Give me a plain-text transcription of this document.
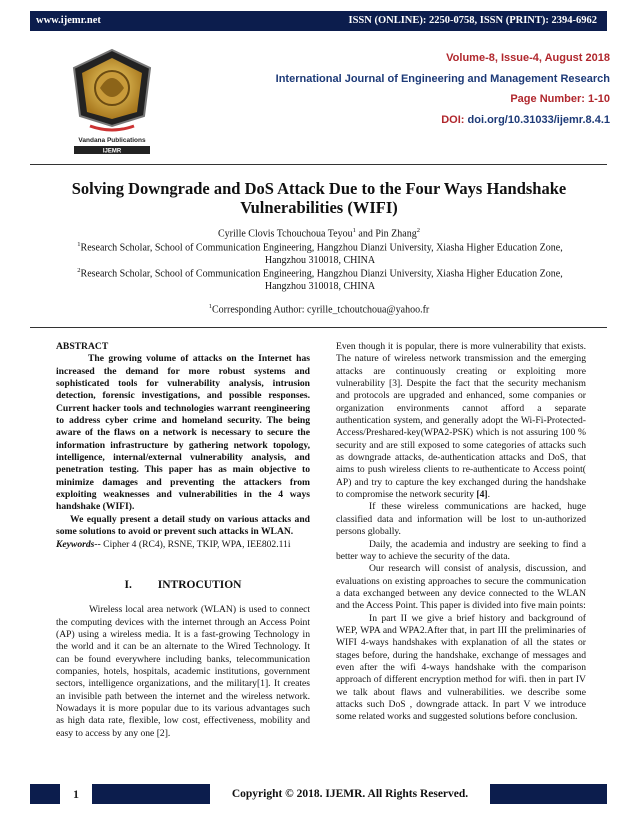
www.ijemr.net	ISSN (ONLINE): 2250-0758, ISSN (PRINT): 2394-6962
Vandana Publications
IJEMR
Volume-8, Issue-4, August 2018
International Journal of Engineering and Management Research
Page Number: 1-10
DOI: doi.org/10.31033/ijemr.8.4.1
Solving Downgrade and DoS Attack Due to the Four Ways Handshake
Vulnerabilities (WIFI)
Cyrille Clovis Tchouchoua Teyou$^1$ and Pin Zhang$^2$
$^1$Research Scholar, School of Communication Engineering, Hangzhou Dianzi University, Xiasha Higher Education Zone,
Hangzhou 310018, CHINA
$^2$Research Scholar, School of Communication Engineering, Hangzhou Dianzi University, Xiasha Higher Education Zone,
Hangzhou 310018, CHINA
$^1$Corresponding Author: cyrille_tchoutchoua@yahoo.fr
ABSTRACT

The growing volume of attacks on the Internet has increased the demand for more robust systems and sophisticated tools for vulnerability analysis, intrusion detection, forensic investigations, and possible responses. Current hacker tools and technologies warrant reengineering to address cyber crime and homeland security. The being aware of the flaws on a network is necessary to secure the information infrastructure by gathering network topology, intelligence, internal/external vulnerability analysis, and penetration testing. This paper has as main objective to minimize damages and preventing the attackers from exploiting weaknesses and vulnerabilities in the 4 ways handshake (WIFI).

We equally present a detail study on various attacks and some solutions to avoid or prevent such attacks in WLAN.

Keywords-- Cipher 4 (RC4), RSNE, TKIP, WPA, IEE802.11i

I.         INTROCUTION

Wireless local area network (WLAN) is used to connect the computing devices with the internet through an Access Point (AP) using a wireless media. It is a fast-growing Technology in the world and it can be an alternate to the Wired Technology. It can be found everywhere including banks, telecommunication companies, hotels, hospitals, academic institutions, government sectors, intelligence organizations, and the military[1]. It creates an invisible path between the internet and the wireless network. Nowadays it is more popular due to its various advantages such as high data rate, flexible, low cost, effectiveness, mobility and easy to access by any one [2].

Even though it is popular, there is more vulnerability that exists. The nature of wireless network transmission and the emerging attacks are continuously creating or exploiting more vulnerability [3]. Despite the fact that the security mechanism and protocols are upgraded and enhanced, some companies or organization environments cannot afford a separate authentication system, and generally adopt the Wi-Fi-Protected-Access/Preshared-key(WPA2-PSK) which is not assuring 100 % security and are still exposed to some categories of attacks such as downgrade attacks, de-authentication attacks and DoS, that aims to push wireless clients to re-authenticate to Access point( AP) and try to capture the key exchanged during the handshake to compromise the network security [4].

If these wireless communications are hacked, huge classified data and information will be lost to un-authorized persons globally.

Daily, the academia and industry are seeking to find a better way to achieve the security of the data.

Our research will consist of analysis, discussion, and evaluations on existing approaches to secure the communication a data exchanged between any device connected to the WLAN and the Access Point. This paper is divided into five main points:

In part II we give a brief history and background of WEP, WPA and WPA2.After that, in part III the preliminaries of WIFI 4-ways handshakes with explanation of all the states or stages before, during the handshake, exchange of messages and even after the wifi 4-ways handshake with the comparison approach of different encryption method for wifi. then in part IV we talk about flaws and vulnerabilities. we describe some attacks such DoS , downgrade attack. In part V we introduce some related works and suggested solutions before conclusion.

1	Copyright © 2018. IJEMR. All Rights Reserved.
